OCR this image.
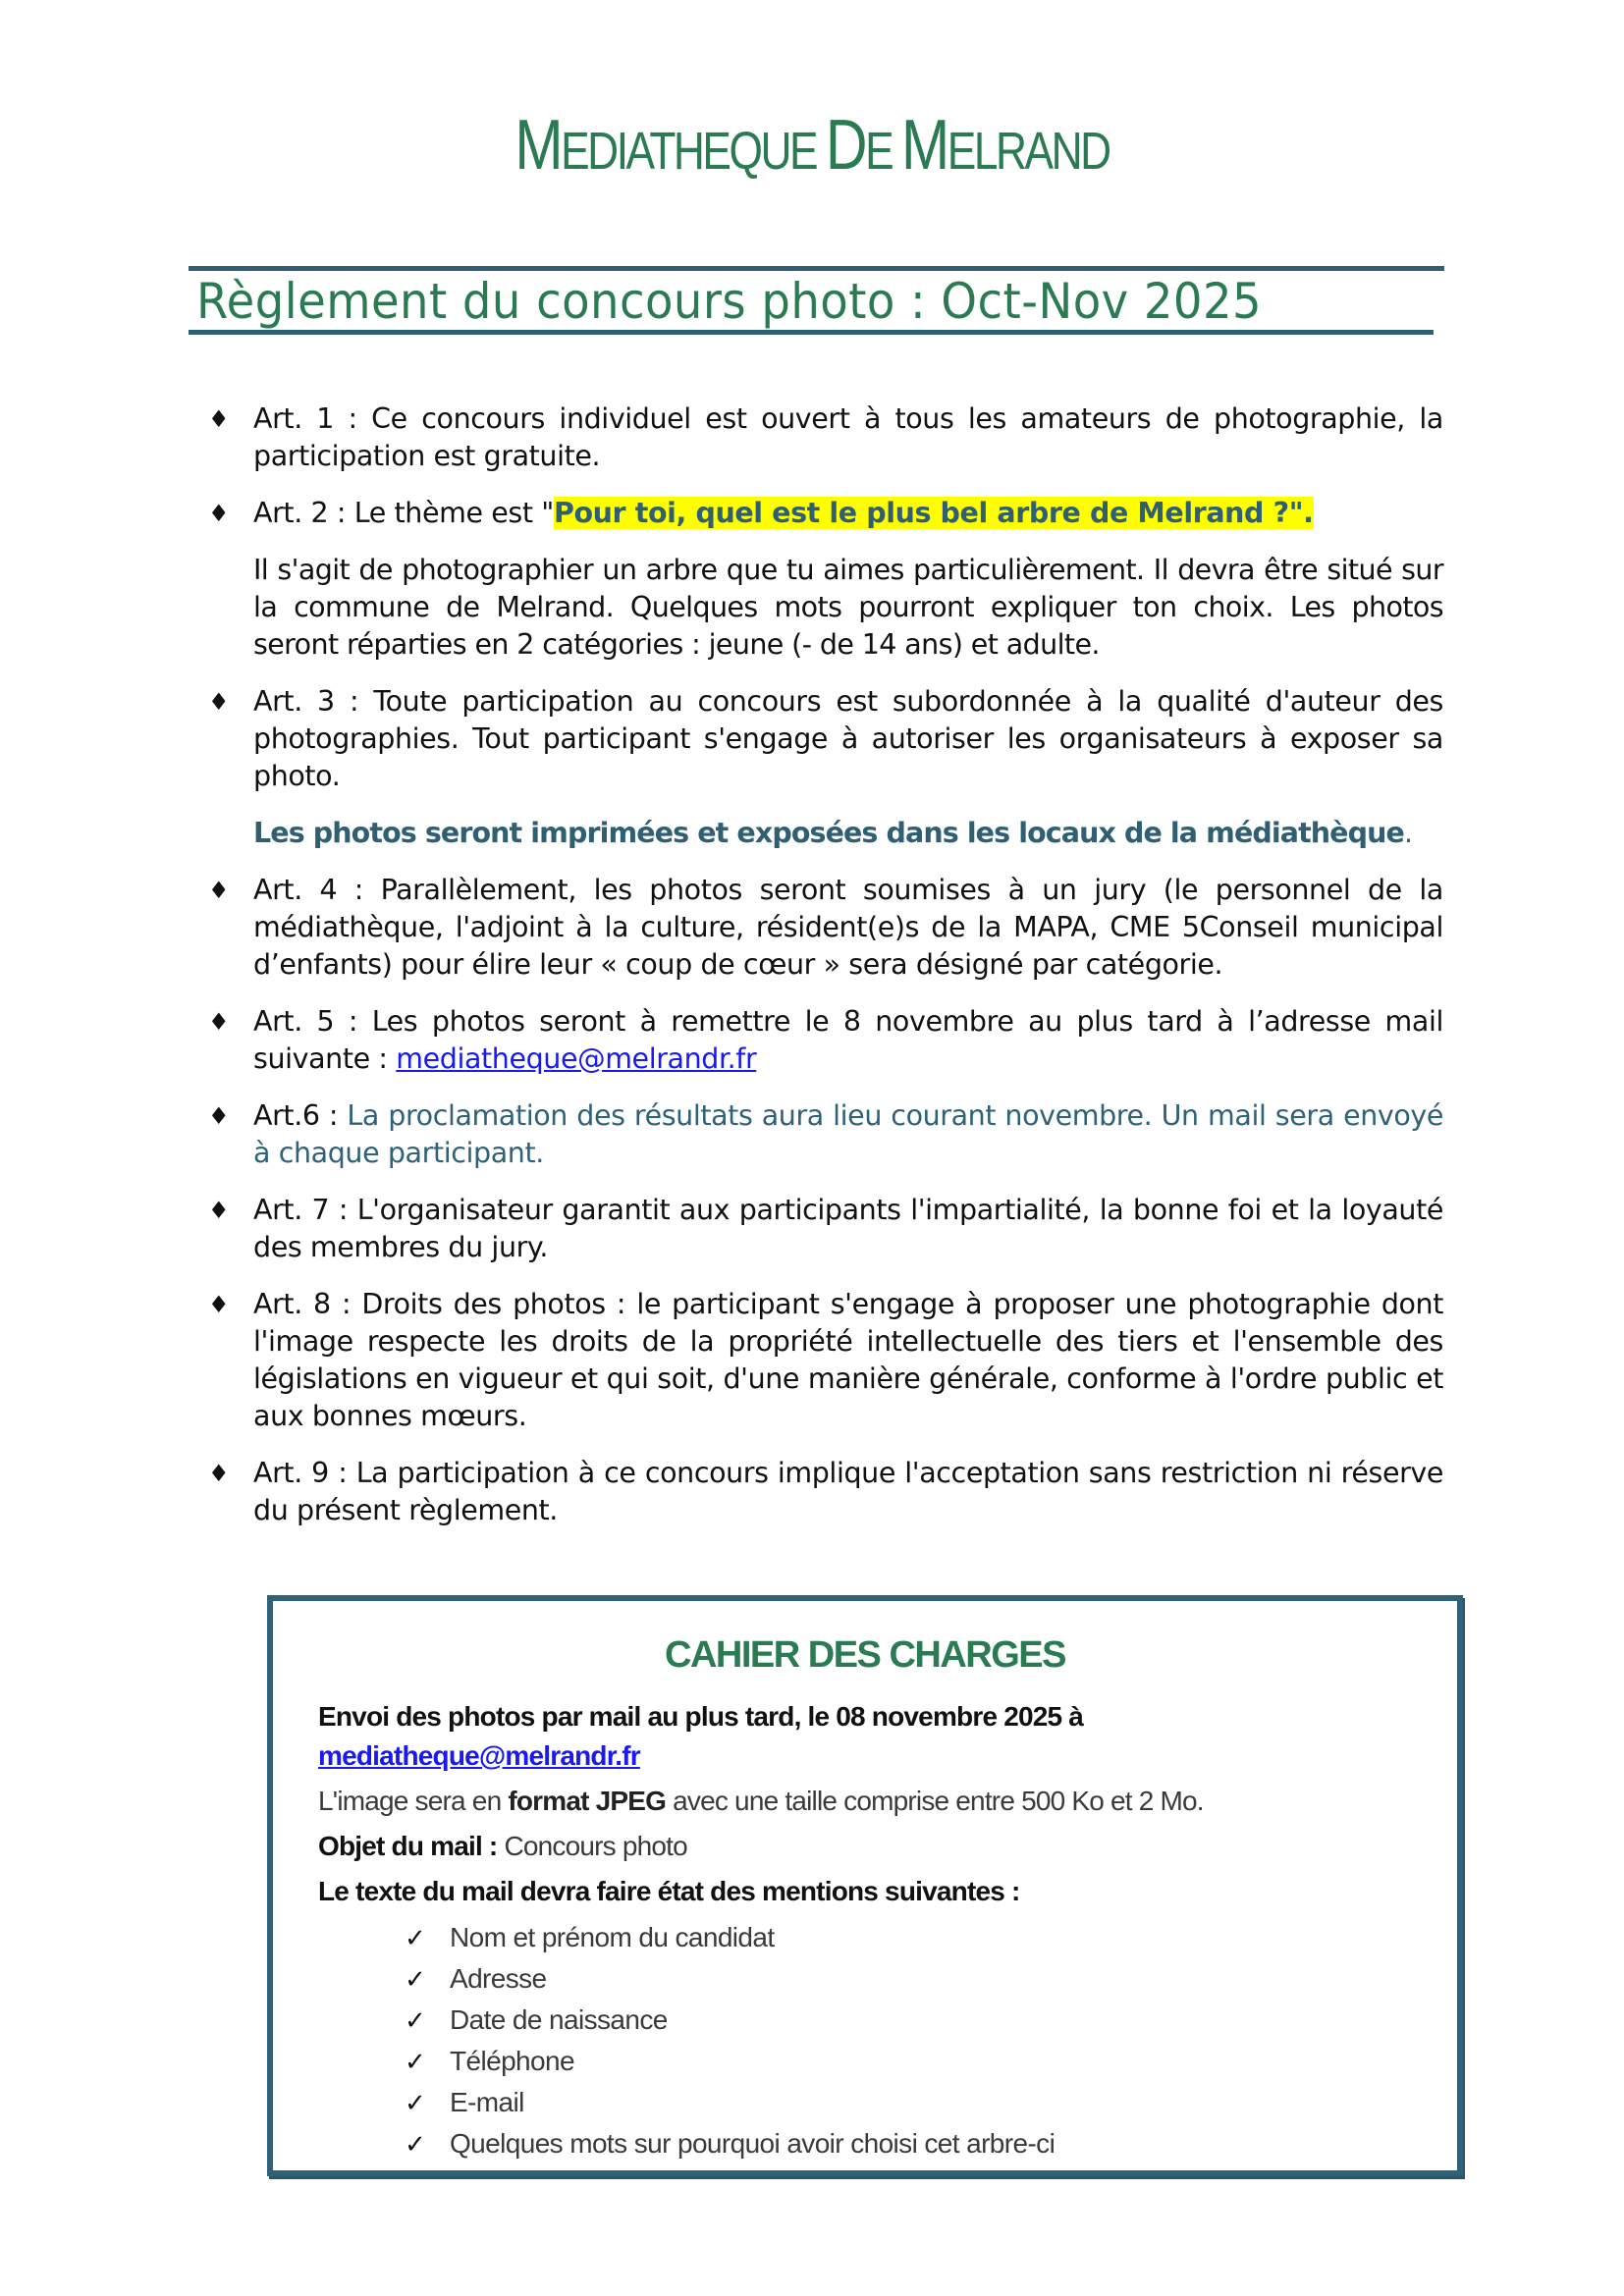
MEDIATHEQUE DE MELRAND
Règlement du concours photo : Oct-Nov 2025
♦ Art. 1 : Ce concours individuel est ouvert à tous les amateurs de photographie, la participation est gratuite.
♦ Art. 2 : Le thème est "Pour toi, quel est le plus bel arbre de Melrand ?".
Il s'agit de photographier un arbre que tu aimes particulièrement. Il devra être situé sur la commune de Melrand. Quelques mots pourront expliquer ton choix. Les photos seront réparties en 2 catégories : jeune (- de 14 ans) et adulte.
♦ Art. 3 : Toute participation au concours est subordonnée à la qualité d'auteur des photographies. Tout participant s'engage à autoriser les organisateurs à exposer sa photo.
Les photos seront imprimées et exposées dans les locaux de la médiathèque.
♦ Art. 4 : Parallèlement, les photos seront soumises à un jury (le personnel de la médiathèque, l'adjoint à la culture, résident(e)s de la MAPA, CME 5Conseil municipal d’enfants) pour élire leur « coup de cœur » sera désigné par catégorie.
♦ Art. 5 : Les photos seront à remettre le 8 novembre au plus tard à l’adresse mail suivante : mediatheque@melrandr.fr
♦ Art.6 : La proclamation des résultats aura lieu courant novembre. Un mail sera envoyé à chaque participant.
♦ Art. 7 : L'organisateur garantit aux participants l'impartialité, la bonne foi et la loyauté des membres du jury.
♦ Art. 8 : Droits des photos : le participant s'engage à proposer une photographie dont l'image respecte les droits de la propriété intellectuelle des tiers et l'ensemble des législations en vigueur et qui soit, d'une manière générale, conforme à l'ordre public et aux bonnes mœurs.
♦ Art. 9 : La participation à ce concours implique l'acceptation sans restriction ni réserve du présent règlement.
CAHIER DES CHARGES
Envoi des photos par mail au plus tard, le 08 novembre 2025 à
mediatheque@melrandr.fr
L'image sera en format JPEG avec une taille comprise entre 500 Ko et 2 Mo.
Objet du mail : Concours photo
Le texte du mail devra faire état des mentions suivantes :
✓ Nom et prénom du candidat
✓ Adresse
✓ Date de naissance
✓ Téléphone
✓ E-mail
✓ Quelques mots sur pourquoi avoir choisi cet arbre-ci
